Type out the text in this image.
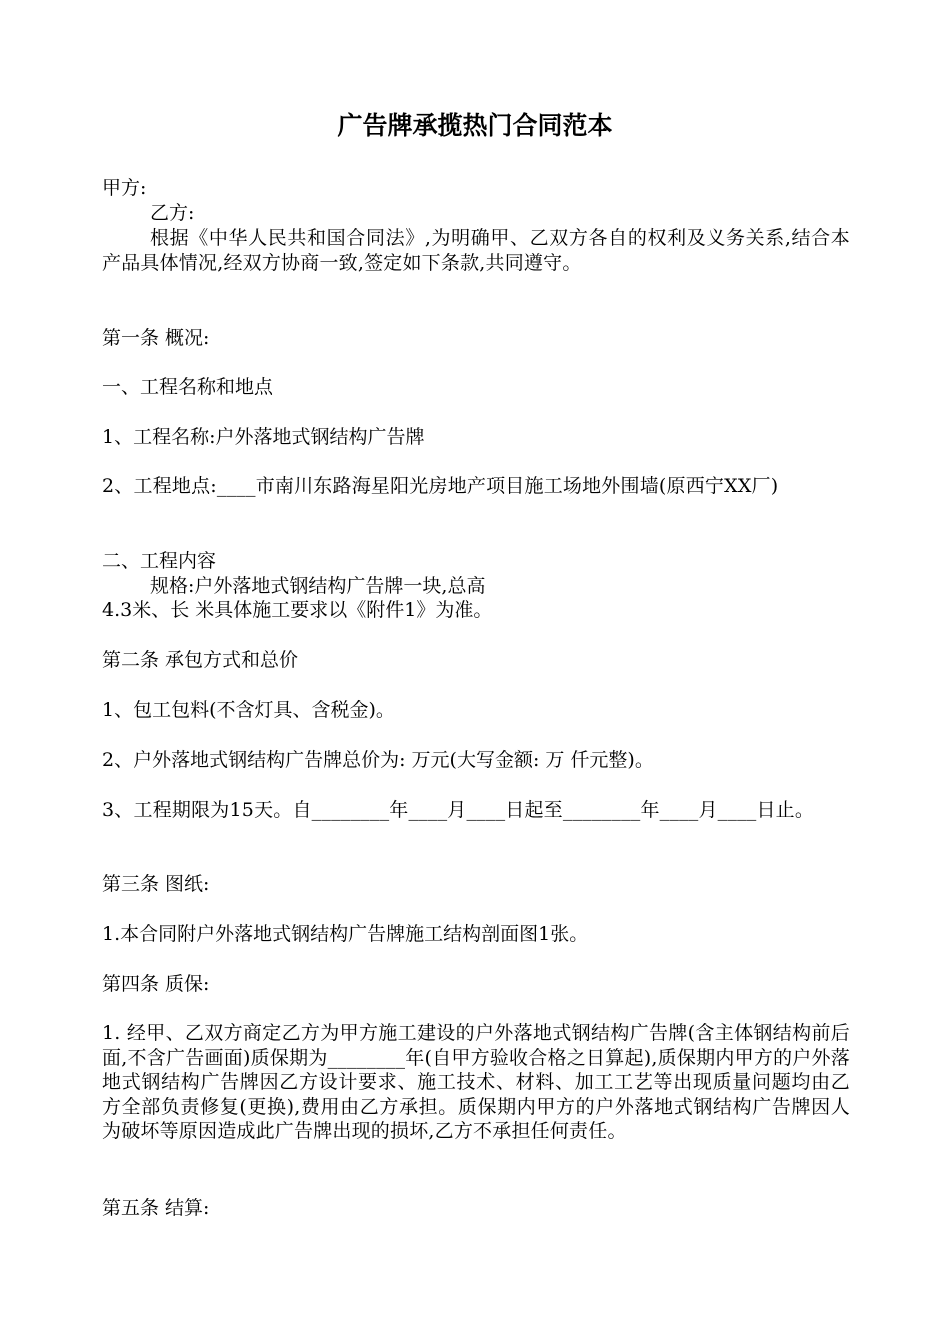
广告牌承揽热门合同范本
甲方:
乙方:
根据《中华人民共和国合同法》,为明确甲、乙双方各自的权利及义务关系,结合本产品具体情况,经双方协商一致,签定如下条款,共同遵守。
第一条 概况:
一、工程名称和地点
1、工程名称:户外落地式钢结构广告牌
2、工程地点:____市南川东路海星阳光房地产项目施工场地外围墙(原西宁XX厂)
二、工程内容
规格:户外落地式钢结构广告牌一块,总高
4.3米、长 米具体施工要求以《附件1》为准。
第二条 承包方式和总价
1、包工包料(不含灯具、含税金)。
2、户外落地式钢结构广告牌总价为: 万元(大写金额: 万 仟元整)。
3、工程期限为15天。自________年____月____日起至________年____月____日止。
第三条 图纸:
1.本合同附户外落地式钢结构广告牌施工结构剖面图1张。
第四条 质保:
1. 经甲、乙双方商定乙方为甲方施工建设的户外落地式钢结构广告牌(含主体钢结构前后面,不含广告画面)质保期为________年(自甲方验收合格之日算起),质保期内甲方的户外落地式钢结构广告牌因乙方设计要求、施工技术、材料、加工工艺等出现质量问题均由乙方全部负责修复(更换),费用由乙方承担。质保期内甲方的户外落地式钢结构广告牌因人为破坏等原因造成此广告牌出现的损坏,乙方不承担任何责任。
第五条 结算:
